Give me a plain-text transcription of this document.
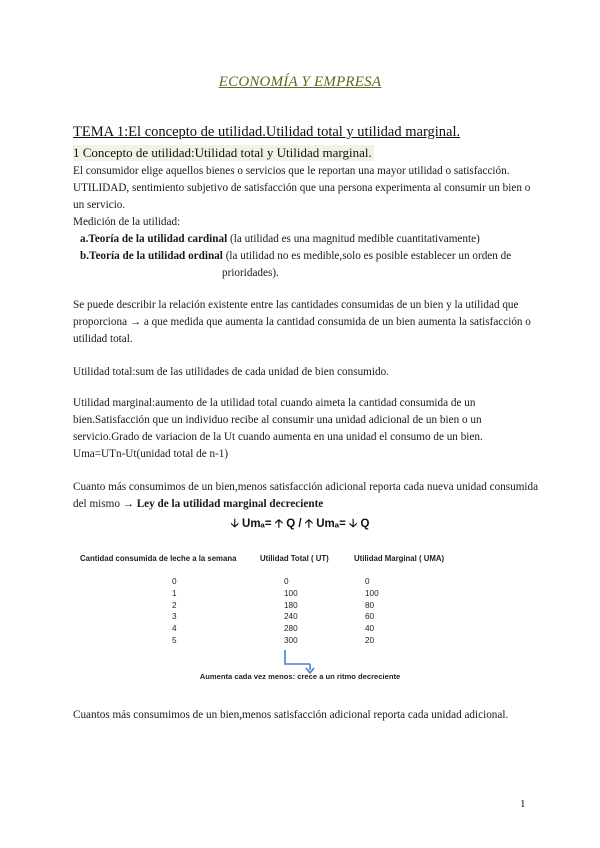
ECONOMÍA Y EMPRESA
TEMA 1:El concepto de utilidad.Utilidad total y utilidad marginal.
1 Concepto de utilidad:Utilidad total y Utilidad marginal.
El consumidor elige aquellos bienes o servicios que le reportan una mayor utilidad o satisfacción.
UTILIDAD, sentimiento subjetivo de satisfacción que una persona experimenta al consumir un bien o
un servicio.
Medición de la utilidad:
a.Teoría de la utilidad cardinal (la utilidad es una magnitud medible cuantitativamente)
b.Teoría de la utilidad ordinal (la utilidad no es medible,solo es posible establecer un orden de
prioridades).
Se puede describir la relación existente entre las cantidades consumidas de un bien y la utilidad que
proporciona → a que medida que aumenta la cantidad consumida de un bien aumenta la satisfacción o
utilidad total.
Utilidad total:sum de las utilidades de cada unidad de bien consumido.
Utilidad marginal:aumento de la utilidad total cuando aimeta la cantidad consumida de un
bien.Satisfacción que un individuo recibe al consumir una unidad adicional de un bien o un
servicio.Grado de variacion de la Ut cuando aumenta en una unidad el consumo de un bien.
Uma=UTn-Ut(unidad total de n-1)
Cuanto más consumimos de un bien,menos satisfacción adicional reporta cada nueva unidad consumida
del mismo → Ley de la utilidad marginal decreciente
🡣 Umₐ= 🡡 Q / 🡡 Umₐ= 🡣 Q
Cantidad consumida de leche a la semana	Utilidad Total ( UT)	Utilidad Marginal ( UMA)
0
1
2
3
4
5
0
100
180
240
280
300
0
100
80
60
40
20
Aumenta cada vez menos: crece a un ritmo decreciente
Cuantos más consumimos de un bien,menos satisfacción adicional reporta cada unidad adicional.
1
